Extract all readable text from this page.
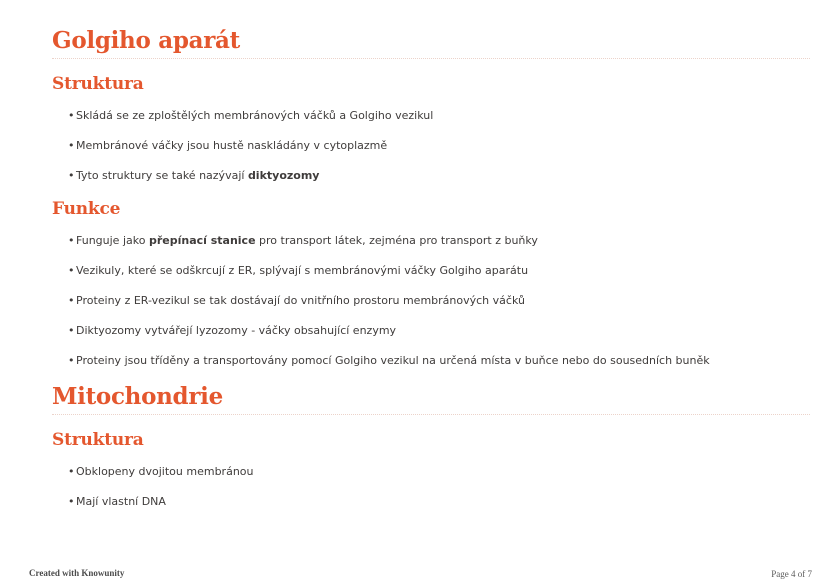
Golgiho aparát
Struktura
• Skládá se ze zploštělých membránových váčků a Golgiho vezikul
• Membránové váčky jsou hustě naskládány v cytoplazmě
• Tyto struktury se také nazývají diktyozomy
Funkce
• Funguje jako přepínací stanice pro transport látek, zejména pro transport z buňky
• Vezikuly, které se odškrcují z ER, splývají s membránovými váčky Golgiho aparátu
• Proteiny z ER-vezikul se tak dostávají do vnitřního prostoru membránových váčků
• Diktyozomy vytvářejí lyzozomy - váčky obsahující enzymy
• Proteiny jsou tříděny a transportovány pomocí Golgiho vezikul na určená místa v buňce nebo do sousedních buněk
Mitochondrie
Struktura
• Obklopeny dvojitou membránou
• Mají vlastní DNA
Created with Knowunity	Page 4 of 7
